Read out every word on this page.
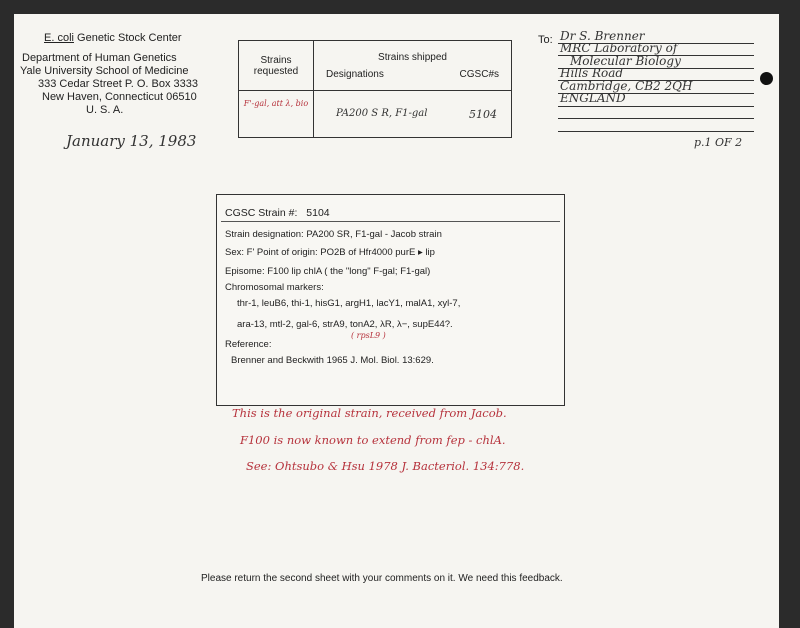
E. coli Genetic Stock Center
Department of Human Genetics
Yale University School of Medicine
333 Cedar Street P. O. Box 3333
New Haven, Connecticut 06510
U. S. A.
January 13, 1983
Strains requested	Strains shipped
Designations CGSC#s

F'-gal, att λ, bio	PA200 S R, F1-gal 5104
To: Dr S. Brenner
MRC Laboratory of
Molecular Biology
Hills Road
Cambridge, CB2 2QH
ENGLAND
p.1 OF 2
CGSC Strain #: 5104
Strain designation: PA200 SR, F1-gal - Jacob strain
Sex: F' Point of origin: PO2B of Hfr4000 purE ▸ lip
Episome: F100 lip chlA ( the "long" F-gal; F1-gal)
Chromosomal markers:
thr-1, leuB6, thi-1, hisG1, argH1, lacY1, malA1, xyl-7,
ara-13, mtl-2, gal-6, strA9, tonA2, λR, λ−, supE44?.
( rpsL9 )
Reference:
Brenner and Beckwith 1965 J. Mol. Biol. 13:629.
This is the original strain, received from Jacob.
F100 is now known to extend from fep - chlA.
See: Ohtsubo & Hsu 1978 J. Bacteriol. 134:778.
Please return the second sheet with your comments on it. We need this feedback.
